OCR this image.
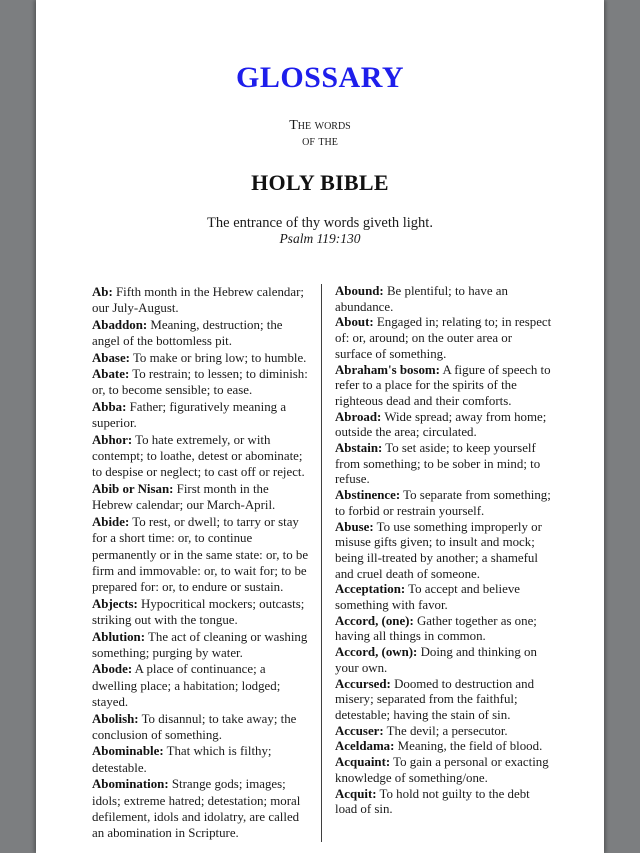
GLOSSARY
The words
of the
HOLY BIBLE
The entrance of thy words giveth light.
Psalm 119:130

Ab: Fifth month in the Hebrew calendar; our July-August.

Abaddon: Meaning, destruction; the angel of the bottomless pit.

Abase: To make or bring low; to humble.

Abate: To restrain; to lessen; to diminish: or, to become sensible; to ease.

Abba: Father; figuratively meaning a superior.

Abhor: To hate extremely, or with contempt; to loathe, detest or abominate; to despise or neglect; to cast off or reject.

Abib or Nisan: First month in the Hebrew calendar; our March-April.

Abide: To rest, or dwell; to tarry or stay for a short time: or, to continue permanently or in the same state: or, to be firm and immovable: or, to wait for; to be prepared for: or, to endure or sustain.

Abjects: Hypocritical mockers; outcasts; striking out with the tongue.

Ablution: The act of cleaning or washing something; purging by water.

Abode: A place of continuance; a dwelling place; a habitation; lodged; stayed.

Abolish: To disannul; to take away; the conclusion of something.

Abominable: That which is filthy; detestable.

Abomination: Strange gods; images; idols; extreme hatred; detestation; moral defilement, idols and idolatry, are called an abomination in Scripture.

Abound: Be plentiful; to have an abundance.

About: Engaged in; relating to; in respect of: or, around; on the outer area or surface of something.

Abraham's bosom: A figure of speech to refer to a place for the spirits of the righteous dead and their comforts.

Abroad: Wide spread; away from home; outside the area; circulated.

Abstain: To set aside; to keep yourself from something; to be sober in mind; to refuse.

Abstinence: To separate from something; to forbid or restrain yourself.

Abuse: To use something improperly or misuse gifts given; to insult and mock; being ill-treated by another; a shameful and cruel death of someone.

Acceptation: To accept and believe something with favor.

Accord, (one): Gather together as one; having all things in common.

Accord, (own): Doing and thinking on your own.

Accursed: Doomed to destruction and misery; separated from the faithful; detestable; having the stain of sin.

Accuser: The devil; a persecutor.

Aceldama: Meaning, the field of blood.

Acquaint: To gain a personal or exacting knowledge of something/one.

Acquit: To hold not guilty to the debt load of sin.
